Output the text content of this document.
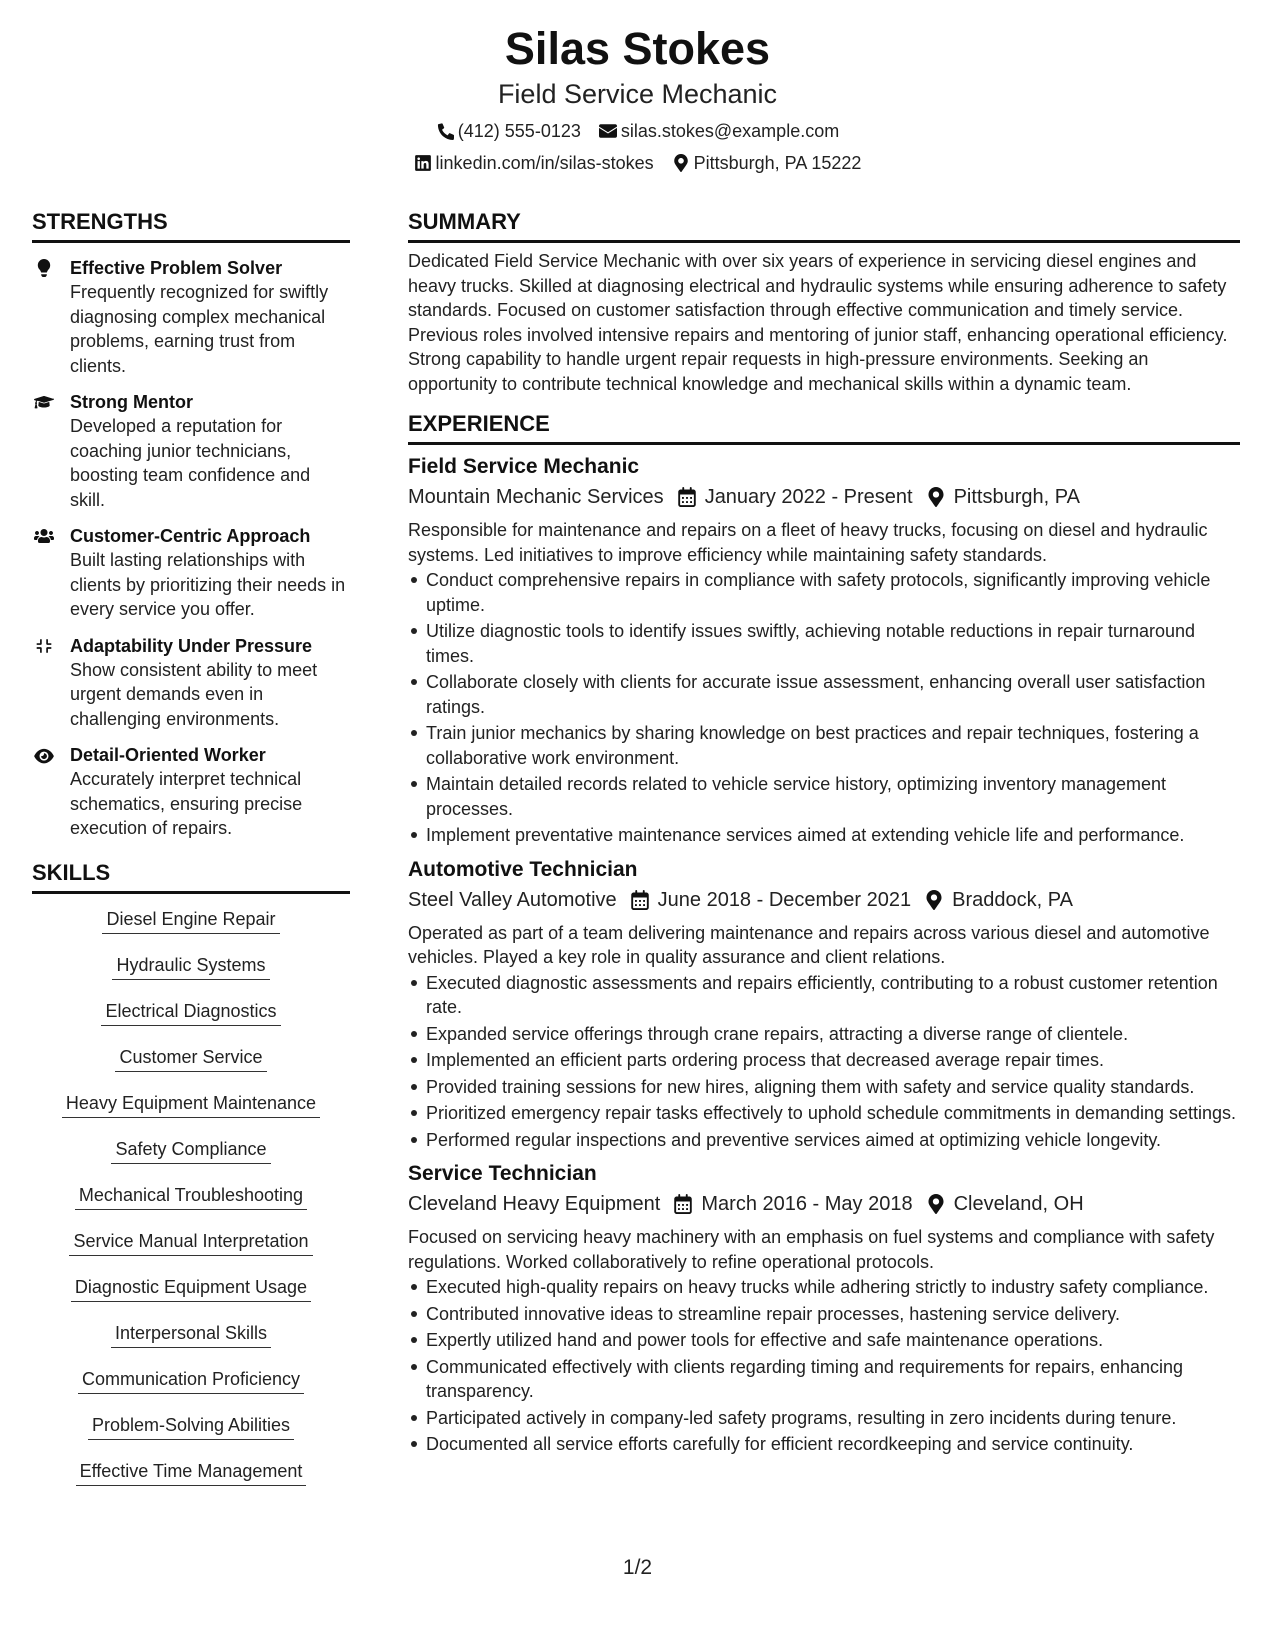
Silas Stokes
Field Service Mechanic
(412) 555-0123 silas.stokes@example.com
linkedin.com/in/silas-stokes Pittsburgh, PA 15222
STRENGTHS
Effective Problem Solver
Frequently recognized for swiftly diagnosing complex mechanical problems, earning trust from clients.
Strong Mentor
Developed a reputation for coaching junior technicians, boosting team confidence and skill.
Customer-Centric Approach
Built lasting relationships with clients by prioritizing their needs in every service you offer.
Adaptability Under Pressure
Show consistent ability to meet urgent demands even in challenging environments.
Detail-Oriented Worker
Accurately interpret technical schematics, ensuring precise execution of repairs.
SKILLS
Diesel Engine Repair
Hydraulic Systems
Electrical Diagnostics
Customer Service
Heavy Equipment Maintenance
Safety Compliance
Mechanical Troubleshooting
Service Manual Interpretation
Diagnostic Equipment Usage
Interpersonal Skills
Communication Proficiency
Problem-Solving Abilities
Effective Time Management
SUMMARY
Dedicated Field Service Mechanic with over six years of experience in servicing diesel engines and heavy trucks. Skilled at diagnosing electrical and hydraulic systems while ensuring adherence to safety standards. Focused on customer satisfaction through effective communication and timely service. Previous roles involved intensive repairs and mentoring of junior staff, enhancing operational efficiency. Strong capability to handle urgent repair requests in high-pressure environments. Seeking an opportunity to contribute technical knowledge and mechanical skills within a dynamic team.
EXPERIENCE
Field Service Mechanic
Mountain Mechanic Services January 2022 - Present Pittsburgh, PA
Responsible for maintenance and repairs on a fleet of heavy trucks, focusing on diesel and hydraulic systems. Led initiatives to improve efficiency while maintaining safety standards.
Conduct comprehensive repairs in compliance with safety protocols, significantly improving vehicle uptime.
Utilize diagnostic tools to identify issues swiftly, achieving notable reductions in repair turnaround times.
Collaborate closely with clients for accurate issue assessment, enhancing overall user satisfaction ratings.
Train junior mechanics by sharing knowledge on best practices and repair techniques, fostering a collaborative work environment.
Maintain detailed records related to vehicle service history, optimizing inventory management processes.
Implement preventative maintenance services aimed at extending vehicle life and performance.
Automotive Technician
Steel Valley Automotive June 2018 - December 2021 Braddock, PA
Operated as part of a team delivering maintenance and repairs across various diesel and automotive vehicles. Played a key role in quality assurance and client relations.
Executed diagnostic assessments and repairs efficiently, contributing to a robust customer retention rate.
Expanded service offerings through crane repairs, attracting a diverse range of clientele.
Implemented an efficient parts ordering process that decreased average repair times.
Provided training sessions for new hires, aligning them with safety and service quality standards.
Prioritized emergency repair tasks effectively to uphold schedule commitments in demanding settings.
Performed regular inspections and preventive services aimed at optimizing vehicle longevity.
Service Technician
Cleveland Heavy Equipment March 2016 - May 2018 Cleveland, OH
Focused on servicing heavy machinery with an emphasis on fuel systems and compliance with safety regulations. Worked collaboratively to refine operational protocols.
Executed high-quality repairs on heavy trucks while adhering strictly to industry safety compliance.
Contributed innovative ideas to streamline repair processes, hastening service delivery.
Expertly utilized hand and power tools for effective and safe maintenance operations.
Communicated effectively with clients regarding timing and requirements for repairs, enhancing transparency.
Participated actively in company-led safety programs, resulting in zero incidents during tenure.
Documented all service efforts carefully for efficient recordkeeping and service continuity.
1/2
